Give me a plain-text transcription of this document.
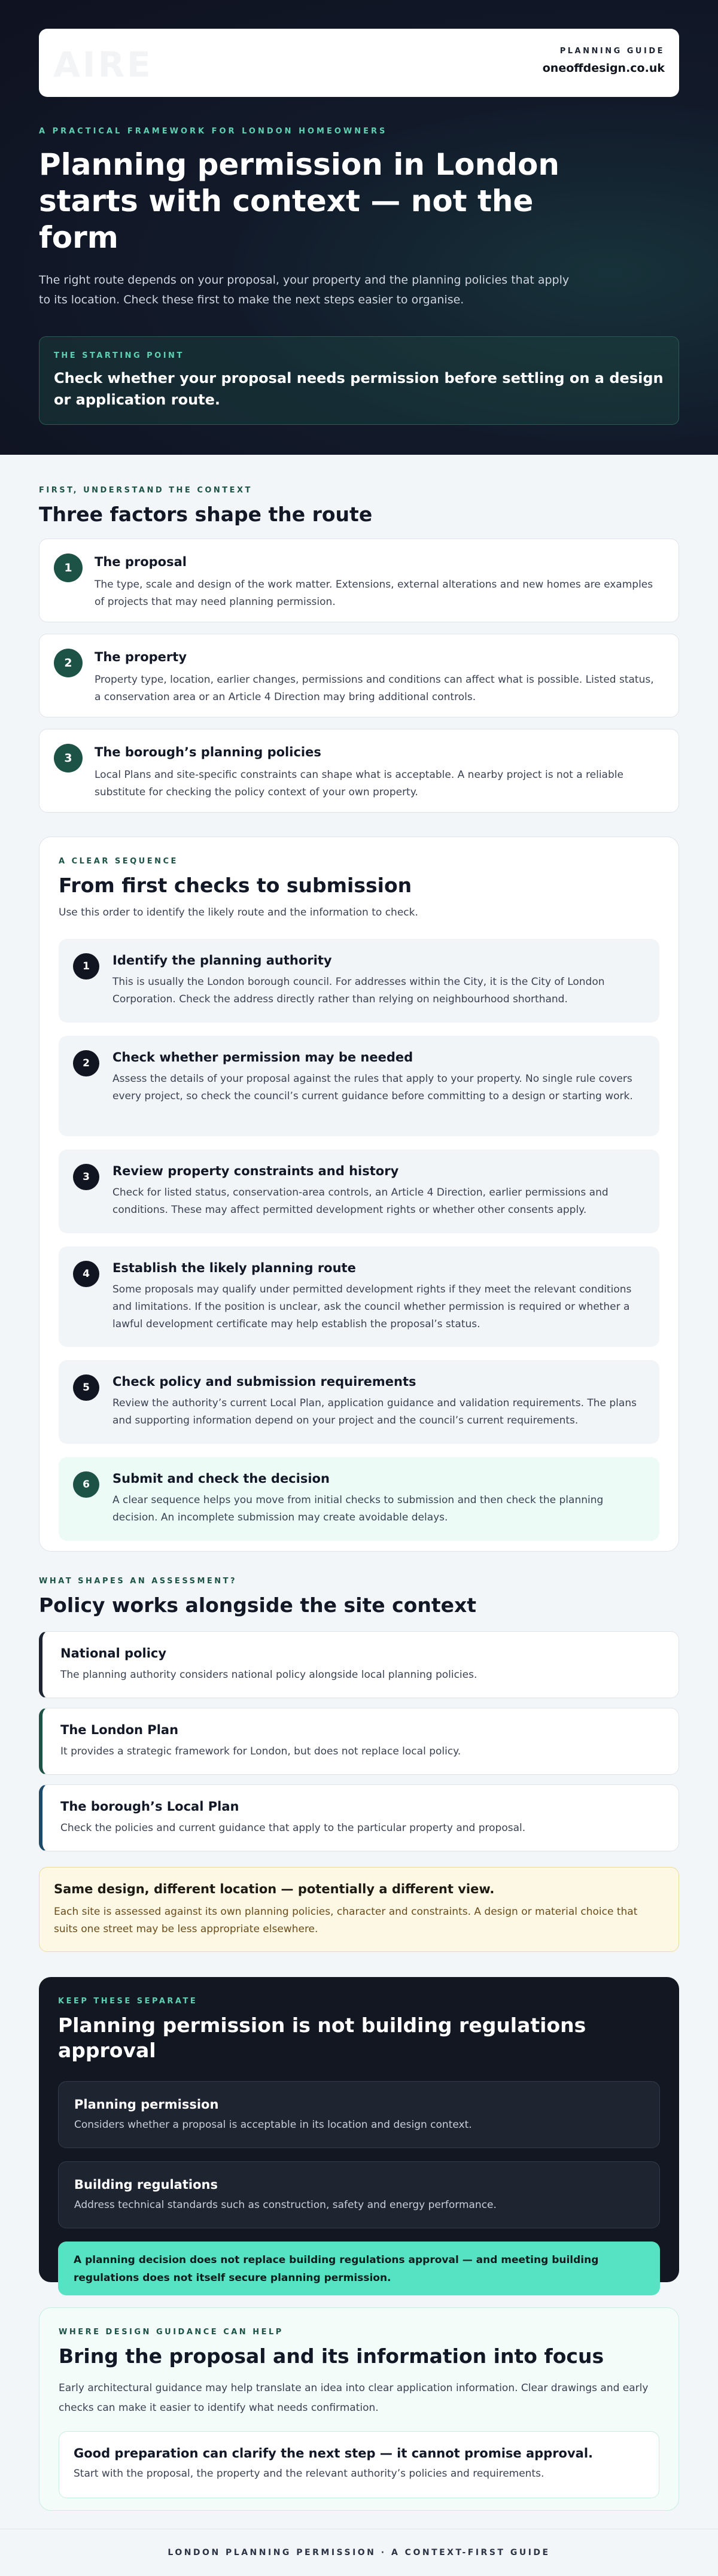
AIRE	PLANNING GUIDE
oneoffdesign.co.uk
A PRACTICAL FRAMEWORK FOR LONDON HOMEOWNERS
Planning permission in London starts with context — not the form

The right route depends on your proposal, your property and the planning policies that apply to its location. Check these first to make the next steps easier to organise.

THE STARTING POINT
Check whether your proposal needs permission before settling on a design or application route.
FIRST, UNDERSTAND THE CONTEXT
Three factors shape the route
1	The proposal
The type, scale and design of the work matter. Extensions, external alterations and new homes are examples of projects that may need planning permission.
2	The property
Property type, location, earlier changes, permissions and conditions can affect what is possible. Listed status, a conservation area or an Article 4 Direction may bring additional controls.
3	The borough’s planning policies
Local Plans and site-specific constraints can shape what is acceptable. A nearby project is not a reliable substitute for checking the policy context of your own property.
A CLEAR SEQUENCE
From first checks to submission

Use this order to identify the likely route and the information to check.

1	Identify the planning authority
This is usually the London borough council. For addresses within the City, it is the City of London Corporation. Check the address directly rather than relying on neighbourhood shorthand.
2	Check whether permission may be needed
Assess the details of your proposal against the rules that apply to your property. No single rule covers every project, so check the council’s current guidance before committing to a design or starting work.
3	Review property constraints and history
Check for listed status, conservation-area controls, an Article 4 Direction, earlier permissions and conditions. These may affect permitted development rights or whether other consents apply.
4	Establish the likely planning route
Some proposals may qualify under permitted development rights if they meet the relevant conditions and limitations. If the position is unclear, ask the council whether permission is required or whether a lawful development certificate may help establish the proposal’s status.
5	Check policy and submission requirements
Review the authority’s current Local Plan, application guidance and validation requirements. The plans and supporting information depend on your project and the council’s current requirements.
6	Submit and check the decision
A clear sequence helps you move from initial checks to submission and then check the planning decision. An incomplete submission may create avoidable delays.
WHAT SHAPES AN ASSESSMENT?
Policy works alongside the site context
National policy
The planning authority considers national policy alongside local planning policies.
The London Plan
It provides a strategic framework for London, but does not replace local policy.
The borough’s Local Plan
Check the policies and current guidance that apply to the particular property and proposal.
Same design, different location — potentially a different view.
Each site is assessed against its own planning policies, character and constraints. A design or material choice that suits one street may be less appropriate elsewhere.
KEEP THESE SEPARATE
Planning permission is not building regulations approval
Planning permission
Considers whether a proposal is acceptable in its location and design context.
Building regulations
Address technical standards such as construction, safety and energy performance.
A planning decision does not replace building regulations approval — and meeting building regulations does not itself secure planning permission.
WHERE DESIGN GUIDANCE CAN HELP
Bring the proposal and its information into focus

Early architectural guidance may help translate an idea into clear application information. Clear drawings and early checks can make it easier to identify what needs confirmation.

Good preparation can clarify the next step — it cannot promise approval.
Start with the proposal, the property and the relevant authority’s policies and requirements.
LONDON PLANNING PERMISSION · A CONTEXT-FIRST GUIDE
